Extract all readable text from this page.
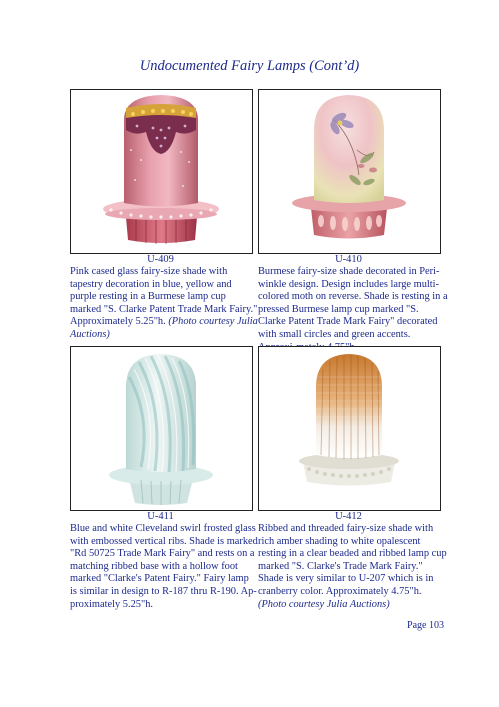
Undocumented Fairy Lamps (Cont’d)
U-409

Pink cased glass fairy-size shade with tapestry decoration in blue, yellow and purple resting in a Burmese lamp cup marked "S. Clarke Patent Trade Mark Fairy." Approximately 5.25"h. (Photo courtesy Julia Auctions)

U-410

Burmese fairy-size shade decorated in Peri-winkle design. Design includes large multi-colored moth on reverse. Shade is resting in a pressed Burmese lamp cup marked "S. Clarke Patent Trade Mark Fairy" decorated with small circles and green accents.

U-411

Blue and white Cleveland swirl frosted glass with embossed vertical ribs. Shade is marked "Rd 50725 Trade Mark Fairy" and rests on a matching ribbed base with a hollow foot marked "Clarke's Patent Fairy." Fairy lamp is similar in design to R-187 thru R-190. Ap-proximately 5.25"h.

U-412

Ribbed and threaded fairy-size shade with rich amber shading to white opalescent resting in a clear beaded and ribbed lamp cup marked "S. Clarke's Trade Mark Fairy." Shade is very similar to U-207 which is in cranberry color. Approximately 4.75"h. (Photo courtesy Julia Auctions)

Page 103
